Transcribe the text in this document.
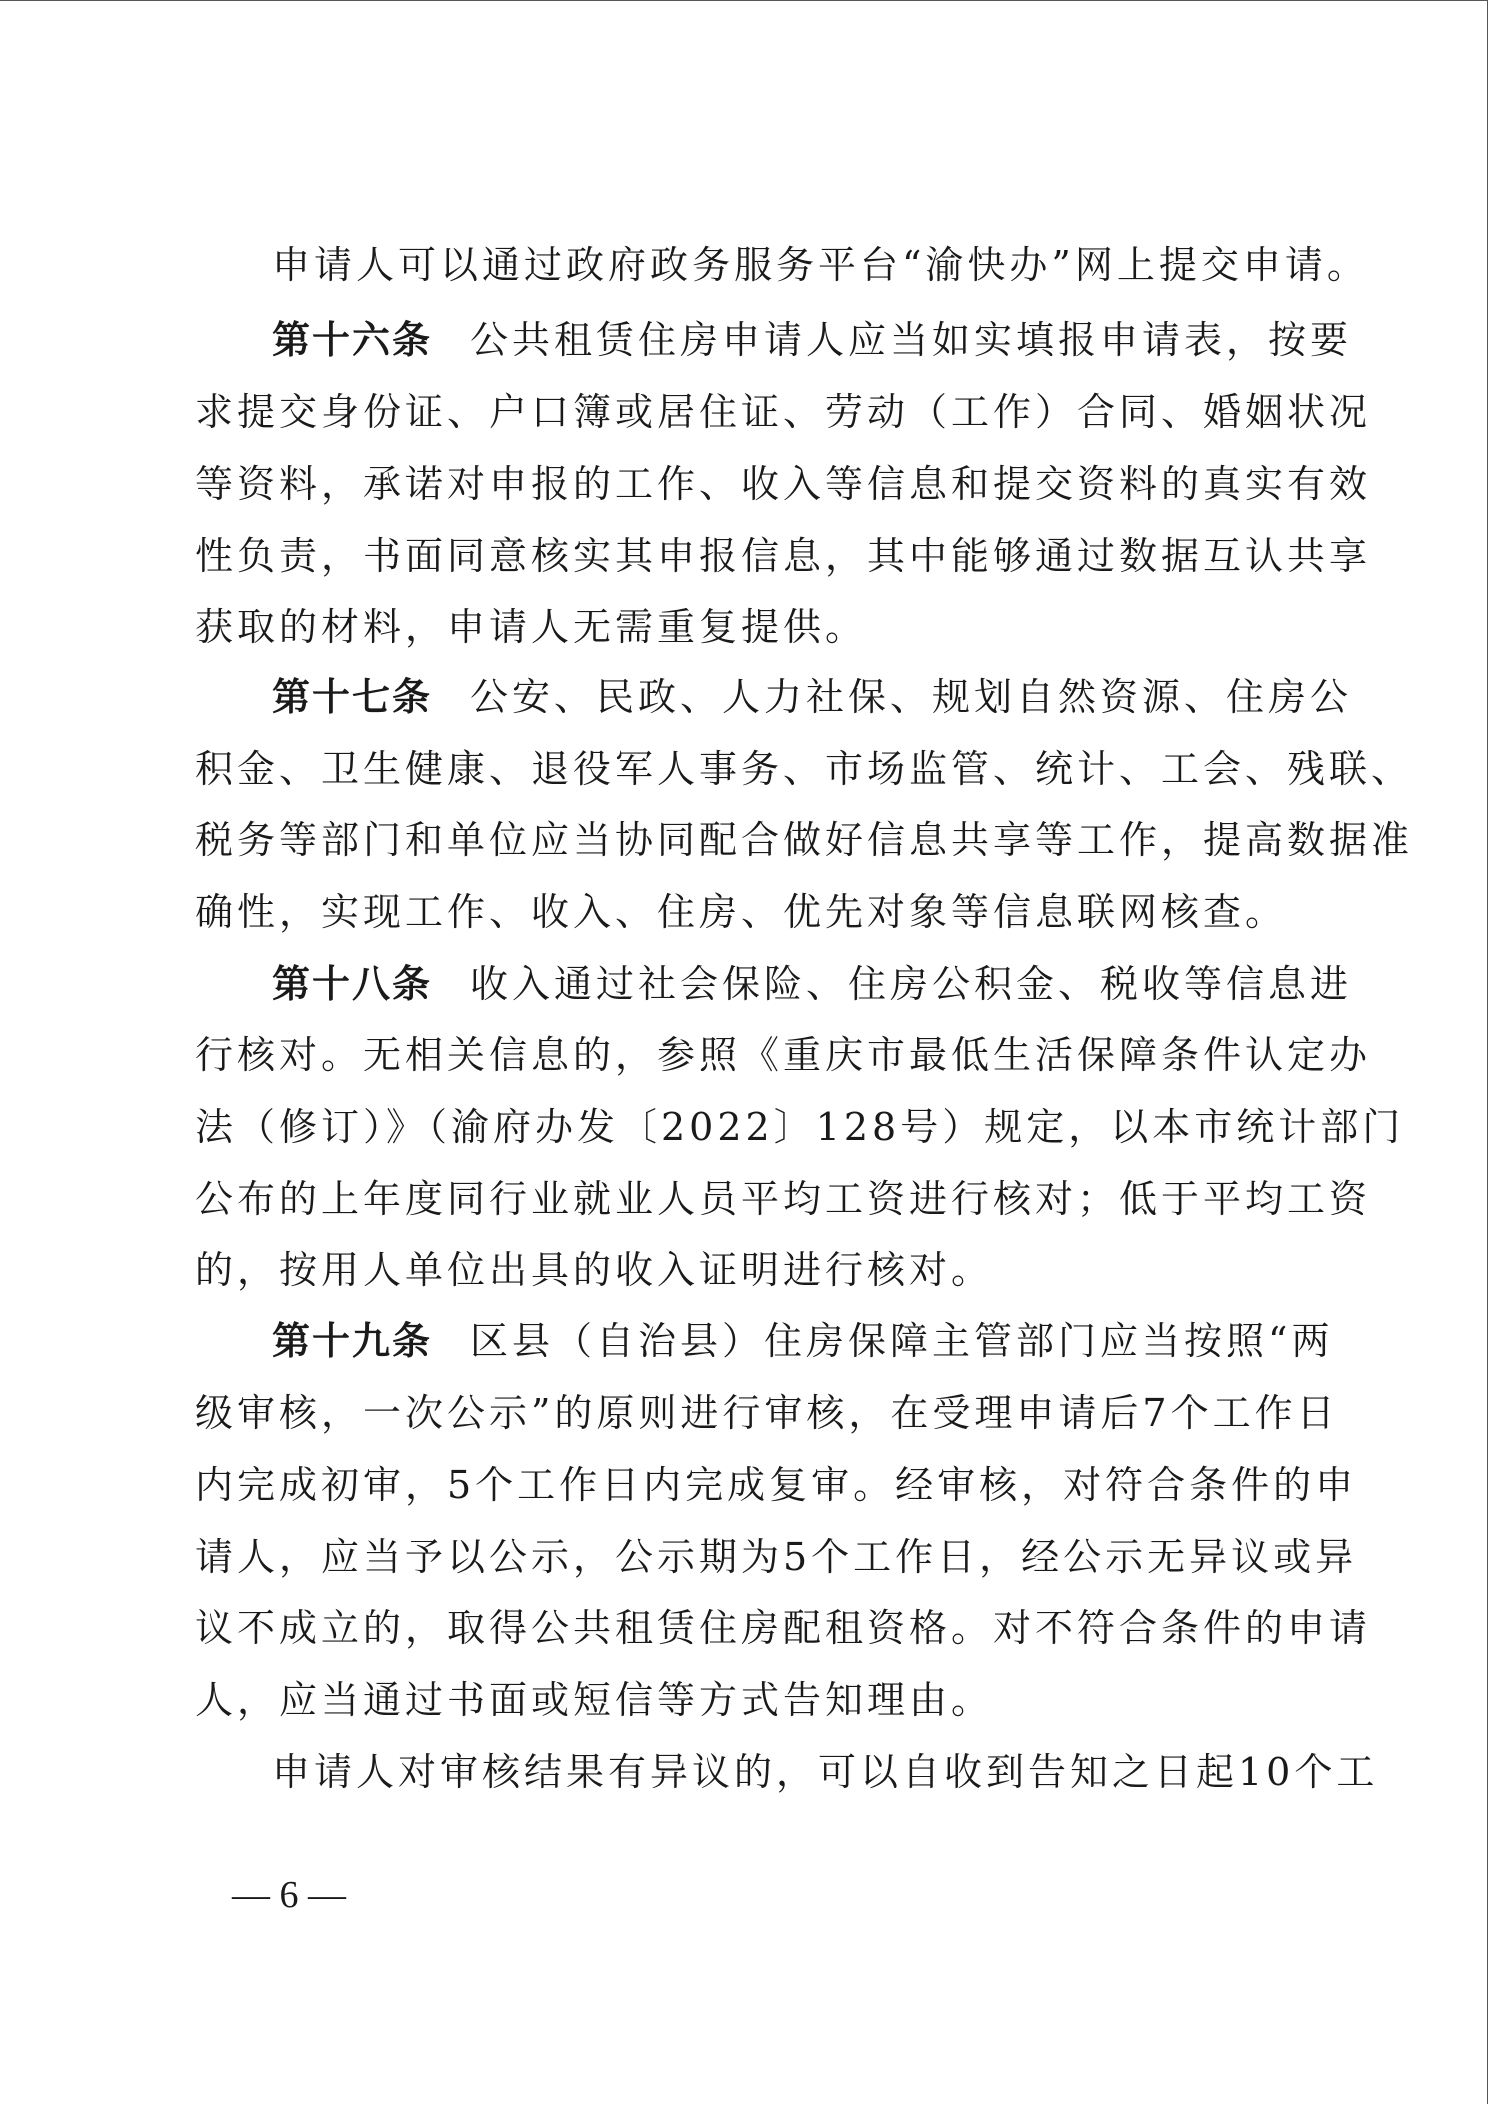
申请人可以通过政府政务服务平台“渝快办”网上提交申请。
第十六条 公共租赁住房申请人应当如实填报申请表，按要
求提交身份证、户口簿或居住证、劳动（工作）合同、婚姻状况
等资料，承诺对申报的工作、收入等信息和提交资料的真实有效
性负责，书面同意核实其申报信息，其中能够通过数据互认共享
获取的材料，申请人无需重复提供。
第十七条 公安、民政、人力社保、规划自然资源、住房公
积金、卫生健康、退役军人事务、市场监管、统计、工会、残联、
税务等部门和单位应当协同配合做好信息共享等工作，提高数据准
确性，实现工作、收入、住房、优先对象等信息联网核查。
第十八条 收入通过社会保险、住房公积金、税收等信息进
行核对。无相关信息的，参照《重庆市最低生活保障条件认定办
法（修订）》（渝府办发〔2022〕128号）规定，以本市统计部门
公布的上年度同行业就业人员平均工资进行核对；低于平均工资
的，按用人单位出具的收入证明进行核对。
第十九条 区县（自治县）住房保障主管部门应当按照“两
级审核，一次公示”的原则进行审核，在受理申请后7个工作日
内完成初审，5个工作日内完成复审。经审核，对符合条件的申
请人，应当予以公示，公示期为5个工作日，经公示无异议或异
议不成立的，取得公共租赁住房配租资格。对不符合条件的申请
人，应当通过书面或短信等方式告知理由。
申请人对审核结果有异议的，可以自收到告知之日起10个工
— 6 —
